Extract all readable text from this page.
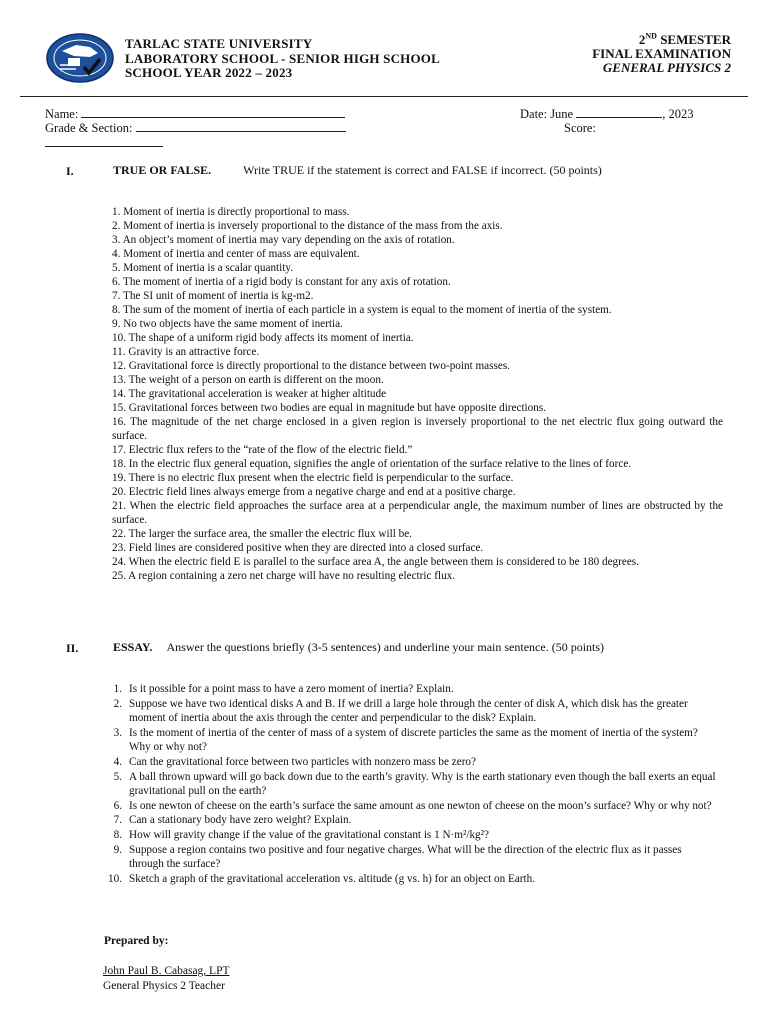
TARLAC STATE UNIVERSITY
LABORATORY SCHOOL - SENIOR HIGH SCHOOL
SCHOOL YEAR 2022 – 2023
2ND SEMESTER
FINAL EXAMINATION
GENERAL PHYSICS 2
Name:	Date: June	, 2023
Grade & Section:	Score:
I.	TRUE OR FALSE.	Write TRUE if the statement is correct and FALSE if incorrect. (50 points)
1. Moment of inertia is directly proportional to mass.
2. Moment of inertia is inversely proportional to the distance of the mass from the axis.
3. An object’s moment of inertia may vary depending on the axis of rotation.
4. Moment of inertia and center of mass are equivalent.
5. Moment of inertia is a scalar quantity.
6. The moment of inertia of a rigid body is constant for any axis of rotation.
7. The SI unit of moment of inertia is kg-m2.
8. The sum of the moment of inertia of each particle in a system is equal to the moment of inertia of the system.
9. No two objects have the same moment of inertia.
10. The shape of a uniform rigid body affects its moment of inertia.
11. Gravity is an attractive force.
12. Gravitational force is directly proportional to the distance between two-point masses.
13. The weight of a person on earth is different on the moon.
14. The gravitational acceleration is weaker at higher altitude
15. Gravitational forces between two bodies are equal in magnitude but have opposite directions.
16. The magnitude of the net charge enclosed in a given region is inversely proportional to the net electric flux going outward the surface.
17. Electric flux refers to the “rate of the flow of the electric field.”
18. In the electric flux general equation, signifies the angle of orientation of the surface relative to the lines of force.
19. There is no electric flux present when the electric field is perpendicular to the surface.
20. Electric field lines always emerge from a negative charge and end at a positive charge.
21. When the electric field approaches the surface area at a perpendicular angle, the maximum number of lines are obstructed by the surface.
22. The larger the surface area, the smaller the electric flux will be.
23. Field lines are considered positive when they are directed into a closed surface.
24. When the electric field E is parallel to the surface area A, the angle between them is considered to be 180 degrees.
25. A region containing a zero net charge will have no resulting electric flux.
II.	ESSAY. Answer the questions briefly (3-5 sentences) and underline your main sentence. (50 points)
1. Is it possible for a point mass to have a zero moment of inertia? Explain.
2. Suppose we have two identical disks A and B. If we drill a large hole through the center of disk A, which disk has the greater moment of inertia about the axis through the center and perpendicular to the disk? Explain.
3. Is the moment of inertia of the center of mass of a system of discrete particles the same as the moment of inertia of the system? Why or why not?
4. Can the gravitational force between two particles with nonzero mass be zero?
5. A ball thrown upward will go back down due to the earth’s gravity. Why is the earth stationary even though the ball exerts an equal gravitational pull on the earth?
6. Is one newton of cheese on the earth’s surface the same amount as one newton of cheese on the moon’s surface? Why or why not?
7. Can a stationary body have zero weight? Explain.
8. How will gravity change if the value of the gravitational constant is 1 N·m²/kg²?
9. Suppose a region contains two positive and four negative charges. What will be the direction of the electric flux as it passes through the surface?
10. Sketch a graph of the gravitational acceleration vs. altitude (g vs. h) for an object on Earth.
Prepared by:
John Paul B. Cabasag, LPT
General Physics 2 Teacher
